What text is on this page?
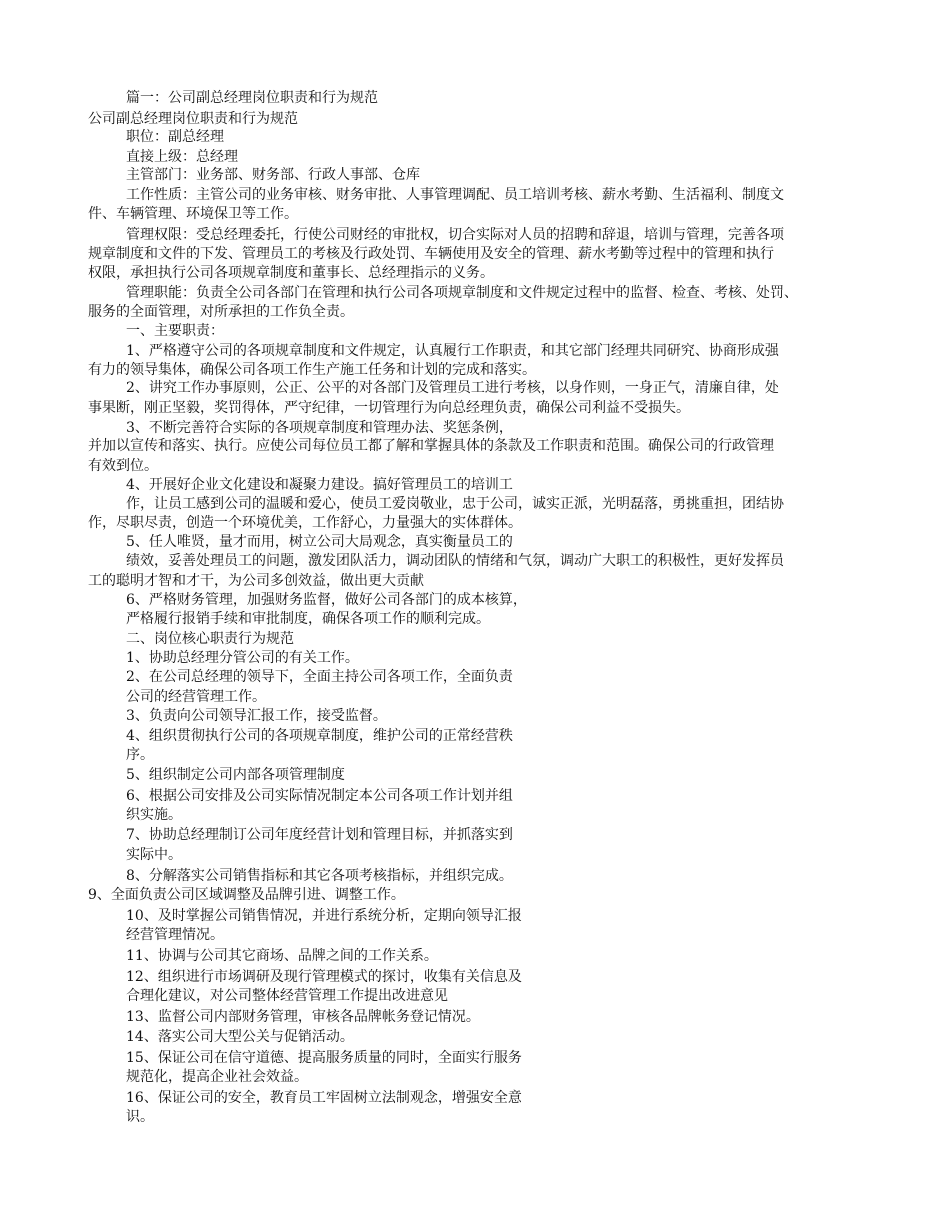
篇一：公司副总经理岗位职责和行为规范
公司副总经理岗位职责和行为规范
职位：副总经理
直接上级：总经理
主管部门：业务部、财务部、行政人事部、仓库
工作性质：主管公司的业务审核、财务审批、人事管理调配、员工培训考核、薪水考勤、生活福利、制度文
件、车辆管理、环境保卫等工作。
管理权限：受总经理委托，行使公司财经的审批权，切合实际对人员的招聘和辞退，培训与管理，完善各项
规章制度和文件的下发、管理员工的考核及行政处罚、车辆使用及安全的管理、薪水考勤等过程中的管理和执行
权限，承担执行公司各项规章制度和董事长、总经理指示的义务。
管理职能：负责全公司各部门在管理和执行公司各项规章制度和文件规定过程中的监督、检查、考核、处罚、
服务的全面管理，对所承担的工作负全责。
一、主要职责：
1、严格遵守公司的各项规章制度和文件规定，认真履行工作职责，和其它部门经理共同研究、协商形成强
有力的领导集体，确保公司各项工作生产施工任务和计划的完成和落实。
2、讲究工作办事原则，公正、公平的对各部门及管理员工进行考核，以身作则，一身正气，清廉自律，处
事果断，刚正坚毅，奖罚得体，严守纪律，一切管理行为向总经理负责，确保公司利益不受损失。
3、不断完善符合实际的各项规章制度和管理办法、奖惩条例，
并加以宣传和落实、执行。应使公司每位员工都了解和掌握具体的条款及工作职责和范围。确保公司的行政管理
有效到位。
4、开展好企业文化建设和凝聚力建设。搞好管理员工的培训工
作，让员工感到公司的温暖和爱心，使员工爱岗敬业，忠于公司，诚实正派，光明磊落，勇挑重担，团结协
作，尽职尽责，创造一个环境优美，工作舒心，力量强大的实体群体。
5、任人唯贤，量才而用，树立公司大局观念，真实衡量员工的
绩效，妥善处理员工的问题，激发团队活力，调动团队的情绪和气氛，调动广大职工的积极性，更好发挥员
工的聪明才智和才干，为公司多创效益，做出更大贡献
6、严格财务管理，加强财务监督，做好公司各部门的成本核算，
严格履行报销手续和审批制度，确保各项工作的顺利完成。
二、岗位核心职责行为规范
1、协助总经理分管公司的有关工作。
2、在公司总经理的领导下，全面主持公司各项工作，全面负责
公司的经营管理工作。
3、负责向公司领导汇报工作，接受监督。
4、组织贯彻执行公司的各项规章制度，维护公司的正常经营秩
序。
5、组织制定公司内部各项管理制度
6、根据公司安排及公司实际情况制定本公司各项工作计划并组
织实施。
7、协助总经理制订公司年度经营计划和管理目标，并抓落实到
实际中。
8、分解落实公司销售指标和其它各项考核指标，并组织完成。
9、全面负责公司区域调整及品牌引进、调整工作。
10、及时掌握公司销售情况，并进行系统分析，定期向领导汇报
经营管理情况。
11、协调与公司其它商场、品牌之间的工作关系。
12、组织进行市场调研及现行管理模式的探讨，收集有关信息及
合理化建议，对公司整体经营管理工作提出改进意见
13、监督公司内部财务管理，审核各品牌帐务登记情况。
14、落实公司大型公关与促销活动。
15、保证公司在信守道德、提高服务质量的同时，全面实行服务
规范化，提高企业社会效益。
16、保证公司的安全，教育员工牢固树立法制观念，增强安全意
识。
